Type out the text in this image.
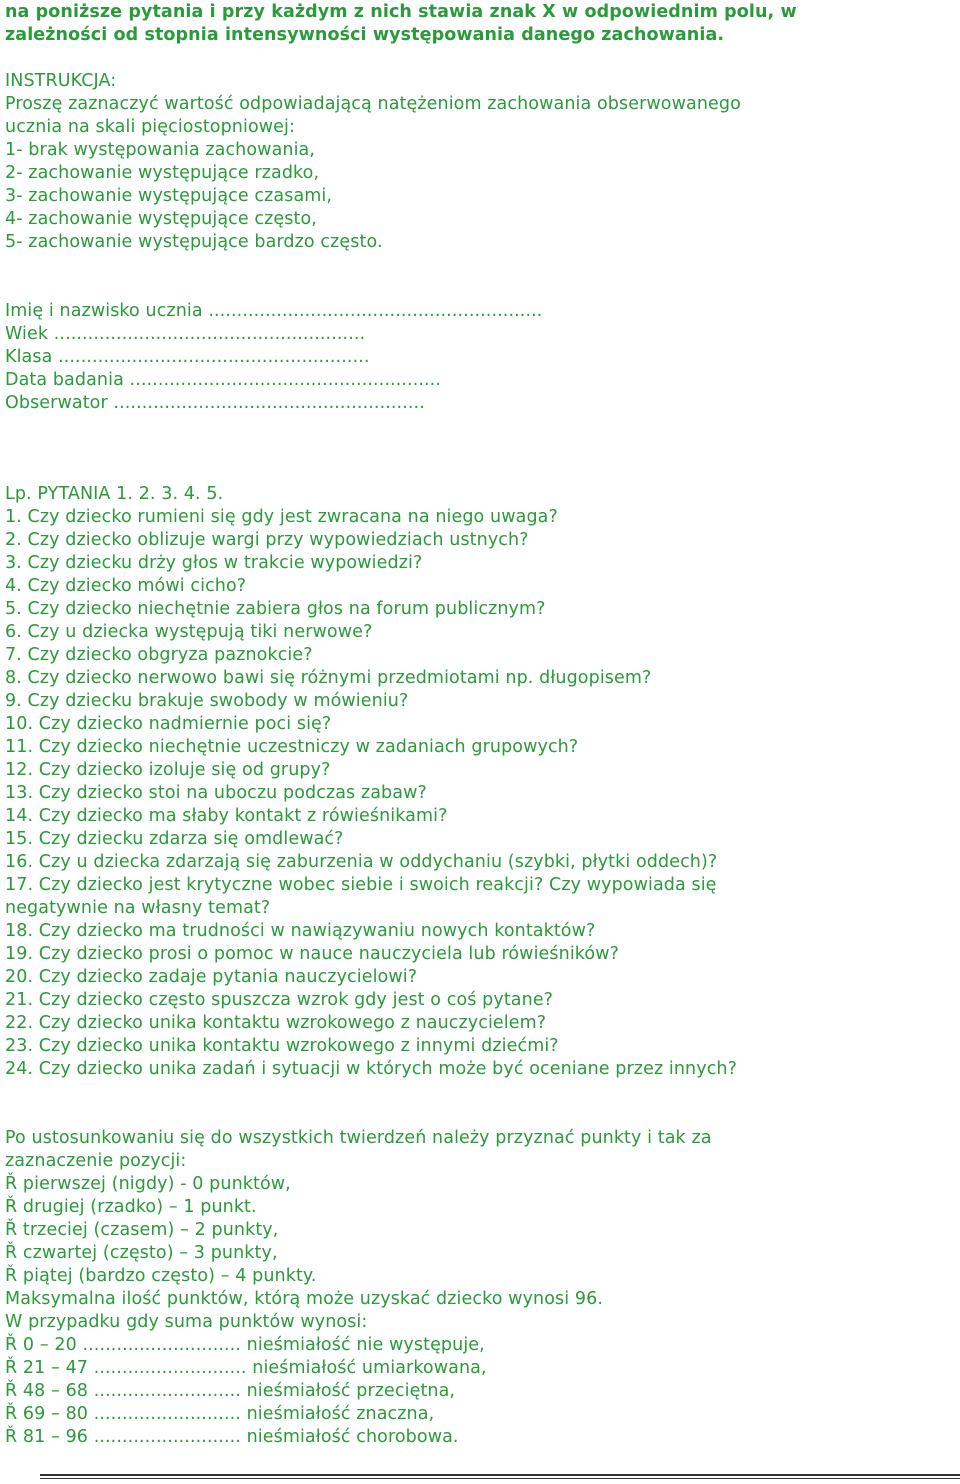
na poniższe pytania i przy każdym z nich stawia znak X w odpowiednim polu, w
zależności od stopnia intensywności występowania danego zachowania.
INSTRUKCJA:
Proszę zaznaczyć wartość odpowiadającą natężeniom zachowania obserwowanego
ucznia na skali pięciostopniowej:
1- brak występowania zachowania,
2- zachowanie występujące rzadko,
3- zachowanie występujące czasami,
4- zachowanie występujące często,
5- zachowanie występujące bardzo często.
Imię i nazwisko ucznia ...........................................................
Wiek .......................................................
Klasa .......................................................
Data badania .......................................................
Obserwator .......................................................
Lp. PYTANIA 1. 2. 3. 4. 5.
1. Czy dziecko rumieni się gdy jest zwracana na niego uwaga?
2. Czy dziecko oblizuje wargi przy wypowiedziach ustnych?
3. Czy dziecku drży głos w trakcie wypowiedzi?
4. Czy dziecko mówi cicho?
5. Czy dziecko niechętnie zabiera głos na forum publicznym?
6. Czy u dziecka występują tiki nerwowe?
7. Czy dziecko obgryza paznokcie?
8. Czy dziecko nerwowo bawi się różnymi przedmiotami np. długopisem?
9. Czy dziecku brakuje swobody w mówieniu?
10. Czy dziecko nadmiernie poci się?
11. Czy dziecko niechętnie uczestniczy w zadaniach grupowych?
12. Czy dziecko izoluje się od grupy?
13. Czy dziecko stoi na uboczu podczas zabaw?
14. Czy dziecko ma słaby kontakt z rówieśnikami?
15. Czy dziecku zdarza się omdlewać?
16. Czy u dziecka zdarzają się zaburzenia w oddychaniu (szybki, płytki oddech)?
17. Czy dziecko jest krytyczne wobec siebie i swoich reakcji? Czy wypowiada się
negatywnie na własny temat?
18. Czy dziecko ma trudności w nawiązywaniu nowych kontaktów?
19. Czy dziecko prosi o pomoc w nauce nauczyciela lub rówieśników?
20. Czy dziecko zadaje pytania nauczycielowi?
21. Czy dziecko często spuszcza wzrok gdy jest o coś pytane?
22. Czy dziecko unika kontaktu wzrokowego z nauczycielem?
23. Czy dziecko unika kontaktu wzrokowego z innymi dziećmi?
24. Czy dziecko unika zadań i sytuacji w których może być oceniane przez innych?
Po ustosunkowaniu się do wszystkich twierdzeń należy przyznać punkty i tak za
zaznaczenie pozycji:
Ř pierwszej (nigdy) - 0 punktów,
Ř drugiej (rzadko) – 1 punkt.
Ř trzeciej (czasem) – 2 punkty,
Ř czwartej (często) – 3 punkty,
Ř piątej (bardzo często) – 4 punkty.
Maksymalna ilość punktów, którą może uzyskać dziecko wynosi 96.
W przypadku gdy suma punktów wynosi:
Ř 0 – 20 ............................ nieśmiałość nie występuje,
Ř 21 – 47 ........................... nieśmiałość umiarkowana,
Ř 48 – 68 .......................... nieśmiałość przeciętna,
Ř 69 – 80 .......................... nieśmiałość znaczna,
Ř 81 – 96 .......................... nieśmiałość chorobowa.
